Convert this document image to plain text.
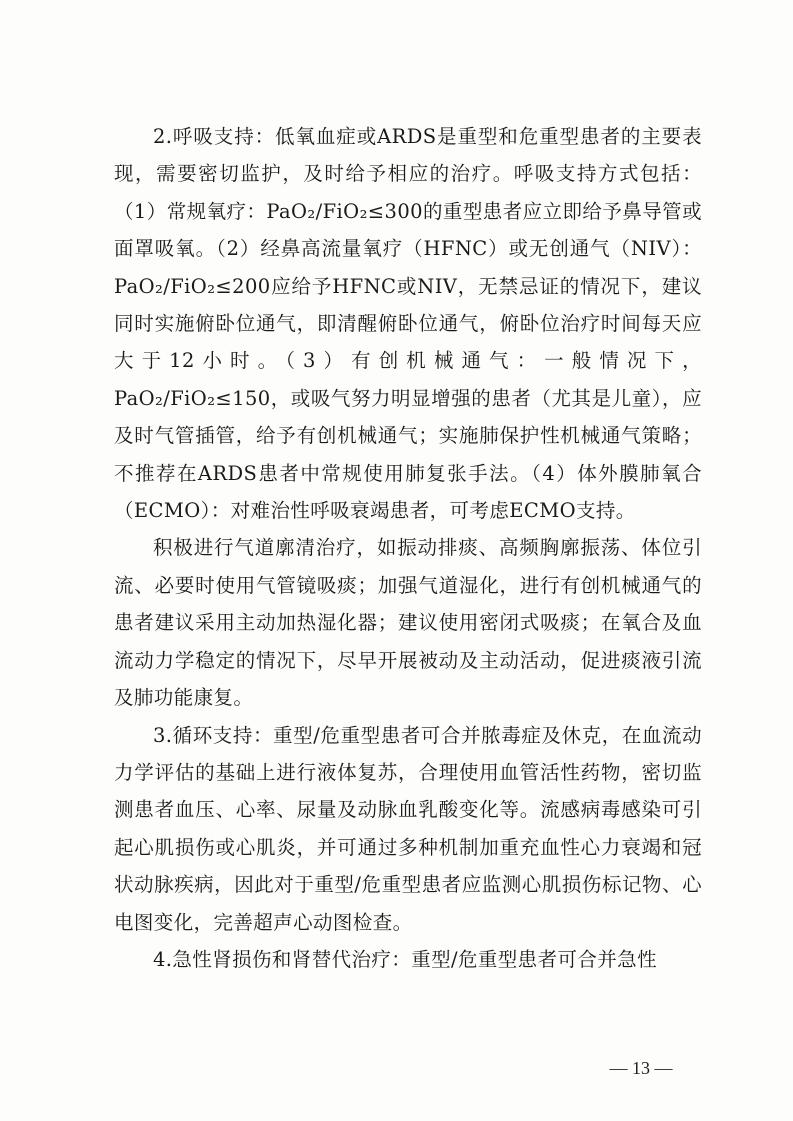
2.呼吸支持：低氧血症或ARDS是重型和危重型患者的主要表现，需要密切监护，及时给予相应的治疗。呼吸支持方式包括：（1）常规氧疗：PaO₂/FiO₂≤300的重型患者应立即给予鼻导管或面罩吸氧。（2）经鼻高流量氧疗（HFNC）或无创通气（NIV）：PaO₂/FiO₂≤200应给予HFNC或NIV，无禁忌证的情况下，建议同时实施俯卧位通气，即清醒俯卧位通气，俯卧位治疗时间每天应大于12小时。（3）有创机械通气：一般情况下，PaO₂/FiO₂≤150，或吸气努力明显增强的患者（尤其是儿童），应及时气管插管，给予有创机械通气；实施肺保护性机械通气策略；不推荐在ARDS患者中常规使用肺复张手法。（4）体外膜肺氧合（ECMO）：对难治性呼吸衰竭患者，可考虑ECMO支持。

积极进行气道廓清治疗，如振动排痰、高频胸廓振荡、体位引流、必要时使用气管镜吸痰；加强气道湿化，进行有创机械通气的患者建议采用主动加热湿化器；建议使用密闭式吸痰；在氧合及血流动力学稳定的情况下，尽早开展被动及主动活动，促进痰液引流及肺功能康复。

3.循环支持：重型/危重型患者可合并脓毒症及休克，在血流动力学评估的基础上进行液体复苏，合理使用血管活性药物，密切监测患者血压、心率、尿量及动脉血乳酸变化等。流感病毒感染可引起心肌损伤或心肌炎，并可通过多种机制加重充血性心力衰竭和冠状动脉疾病，因此对于重型/危重型患者应监测心肌损伤标记物、心电图变化，完善超声心动图检查。

4.急性肾损伤和肾替代治疗：重型/危重型患者可合并急性

— 13 —
